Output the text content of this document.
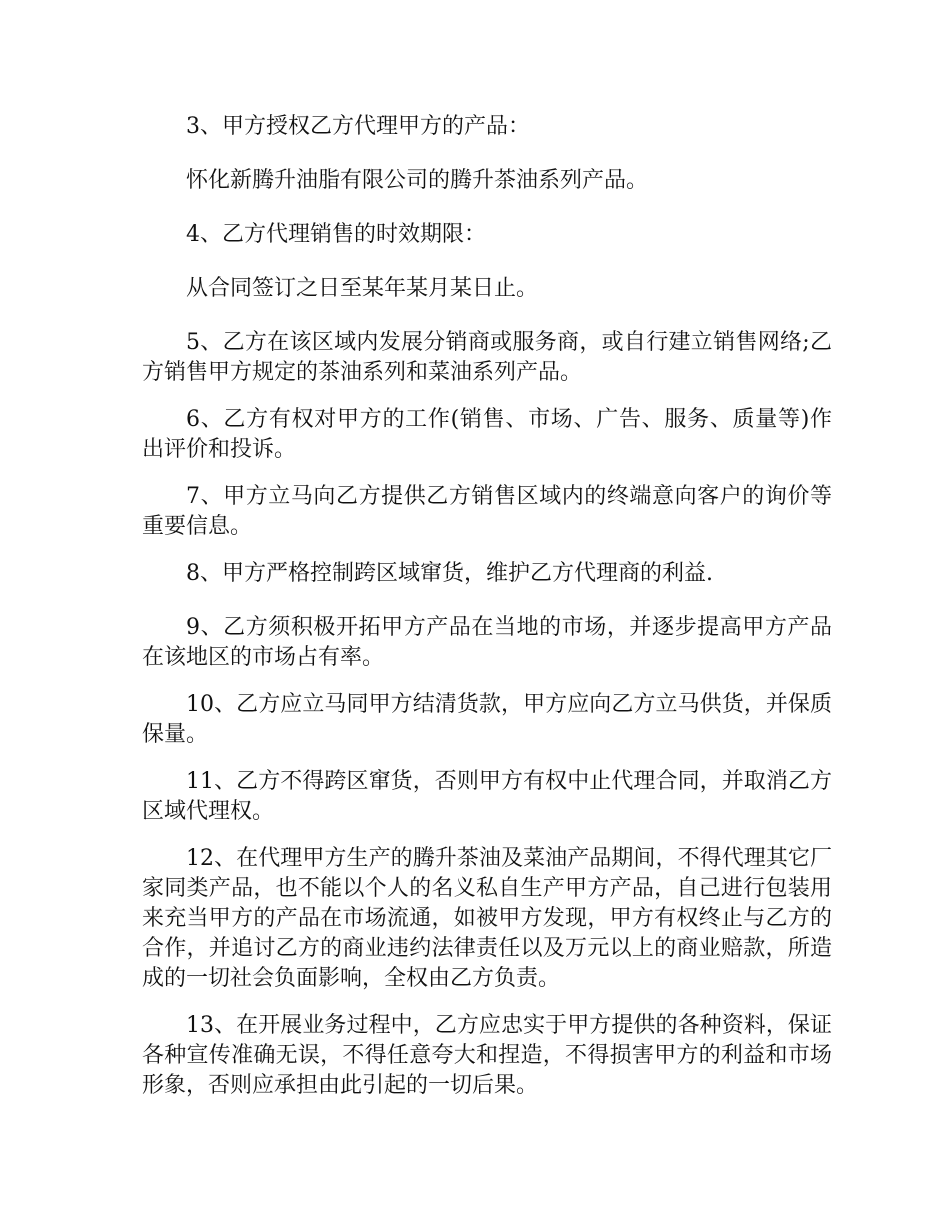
3、甲方授权乙方代理甲方的产品：

怀化新腾升油脂有限公司的腾升茶油系列产品。

4、乙方代理销售的时效期限：

从合同签订之日至某年某月某日止。

5、乙方在该区域内发展分销商或服务商，或自行建立销售网络;乙方销售甲方规定的茶油系列和菜油系列产品。

6、乙方有权对甲方的工作(销售、市场、广告、服务、质量等)作出评价和投诉。

7、甲方立马向乙方提供乙方销售区域内的终端意向客户的询价等重要信息。

8、甲方严格控制跨区域窜货，维护乙方代理商的利益.

9、乙方须积极开拓甲方产品在当地的市场，并逐步提高甲方产品在该地区的市场占有率。

10、乙方应立马同甲方结清货款，甲方应向乙方立马供货，并保质保量。

11、乙方不得跨区窜货，否则甲方有权中止代理合同，并取消乙方区域代理权。

12、在代理甲方生产的腾升茶油及菜油产品期间，不得代理其它厂家同类产品，也不能以个人的名义私自生产甲方产品，自己进行包装用来充当甲方的产品在市场流通，如被甲方发现，甲方有权终止与乙方的合作，并追讨乙方的商业违约法律责任以及万元以上的商业赔款，所造成的一切社会负面影响，全权由乙方负责。

13、在开展业务过程中，乙方应忠实于甲方提供的各种资料，保证各种宣传准确无误，不得任意夸大和捏造，不得损害甲方的利益和市场形象，否则应承担由此引起的一切后果。
